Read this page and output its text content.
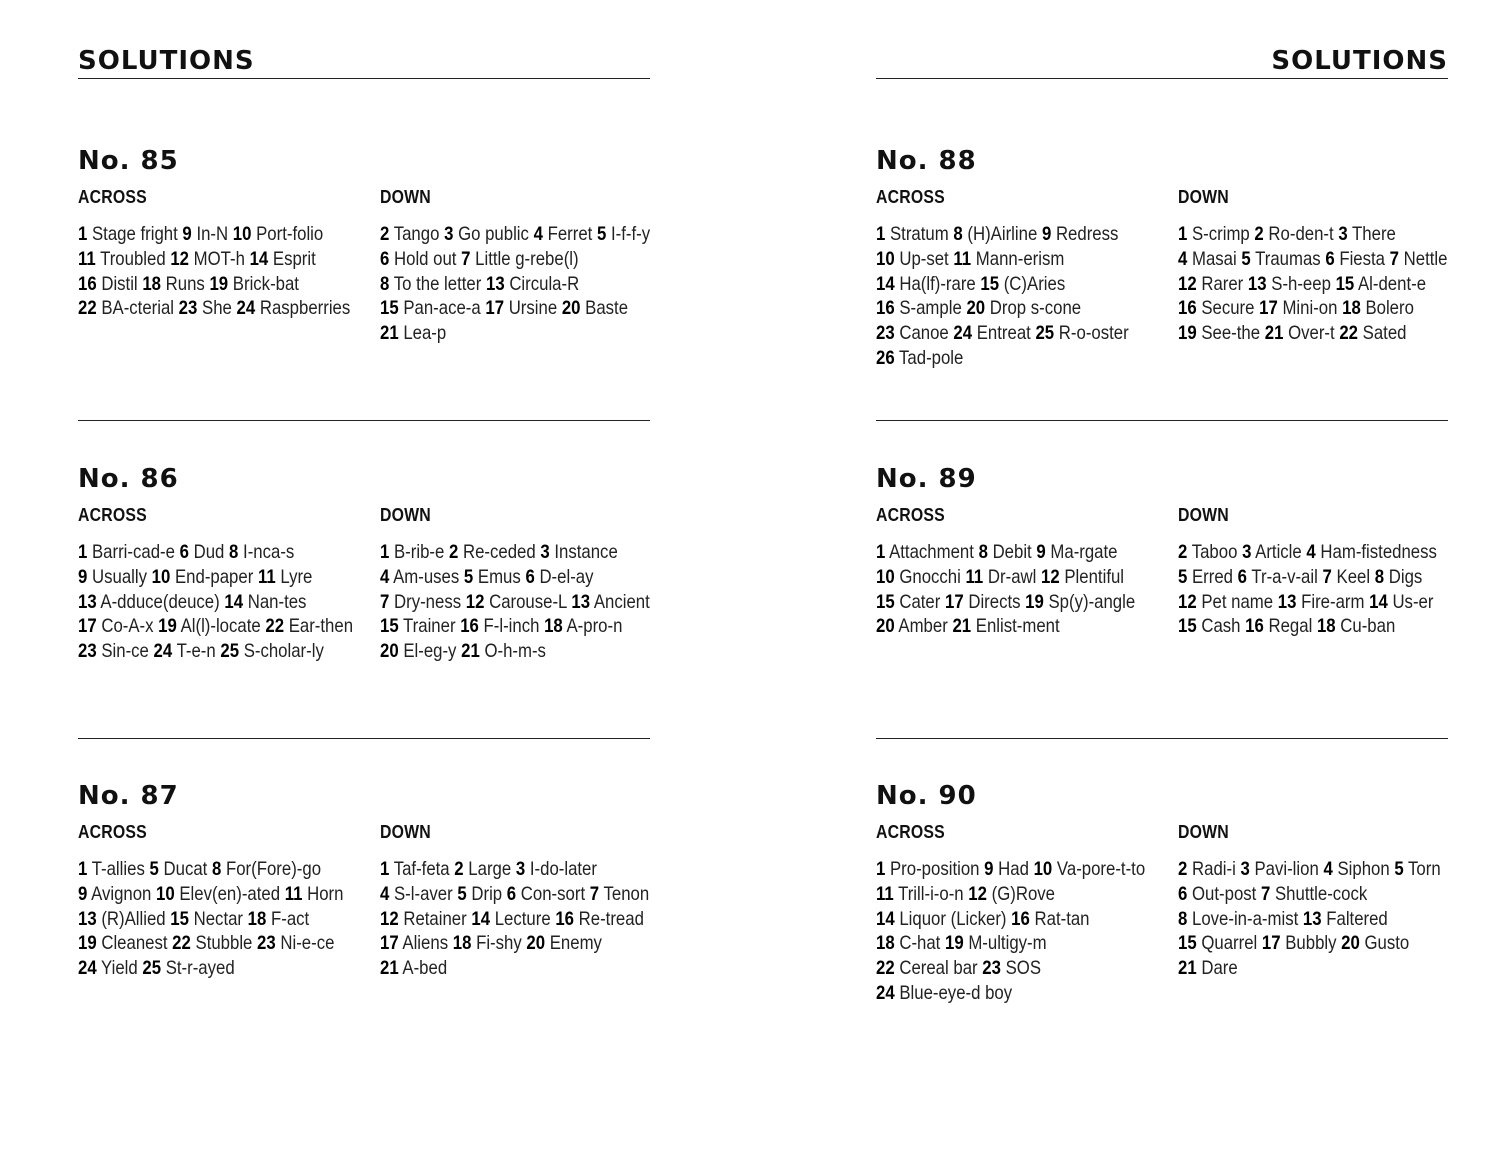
SOLUTIONS
No. 85
ACROSS
1 Stage fright 9 In-N 10 Port-folio
11 Troubled 12 MOT-h 14 Esprit
16 Distil 18 Runs 19 Brick-bat
22 BA-cterial 23 She 24 Raspberries
DOWN
2 Tango 3 Go public 4 Ferret 5 I-f-f-y
6 Hold out 7 Little g-rebe(l)
8 To the letter 13 Circula-R
15 Pan-ace-a 17 Ursine 20 Baste
21 Lea-p
No. 86
ACROSS
1 Barri-cad-e 6 Dud 8 I-nca-s
9 Usually 10 End-paper 11 Lyre
13 A-dduce(deuce) 14 Nan-tes
17 Co-A-x 19 Al(l)-locate 22 Ear-then
23 Sin-ce 24 T-e-n 25 S-cholar-ly
DOWN
1 B-rib-e 2 Re-ceded 3 Instance
4 Am-uses 5 Emus 6 D-el-ay
7 Dry-ness 12 Carouse-L 13 Ancient
15 Trainer 16 F-l-inch 18 A-pro-n
20 El-eg-y 21 O-h-m-s
No. 87
ACROSS
1 T-allies 5 Ducat 8 For(Fore)-go
9 Avignon 10 Elev(en)-ated 11 Horn
13 (R)Allied 15 Nectar 18 F-act
19 Cleanest 22 Stubble 23 Ni-e-ce
24 Yield 25 St-r-ayed
DOWN
1 Taf-feta 2 Large 3 I-do-later
4 S-l-aver 5 Drip 6 Con-sort 7 Tenon
12 Retainer 14 Lecture 16 Re-tread
17 Aliens 18 Fi-shy 20 Enemy
21 A-bed
SOLUTIONS
No. 88
ACROSS
1 Stratum 8 (H)Airline 9 Redress
10 Up-set 11 Mann-erism
14 Ha(lf)-rare 15 (C)Aries
16 S-ample 20 Drop s-cone
23 Canoe 24 Entreat 25 R-o-oster
26 Tad-pole
DOWN
1 S-crimp 2 Ro-den-t 3 There
4 Masai 5 Traumas 6 Fiesta 7 Nettle
12 Rarer 13 S-h-eep 15 Al-dent-e
16 Secure 17 Mini-on 18 Bolero
19 See-the 21 Over-t 22 Sated
No. 89
ACROSS
1 Attachment 8 Debit 9 Ma-rgate
10 Gnocchi 11 Dr-awl 12 Plentiful
15 Cater 17 Directs 19 Sp(y)-angle
20 Amber 21 Enlist-ment
DOWN
2 Taboo 3 Article 4 Ham-fistedness
5 Erred 6 Tr-a-v-ail 7 Keel 8 Digs
12 Pet name 13 Fire-arm 14 Us-er
15 Cash 16 Regal 18 Cu-ban
No. 90
ACROSS
1 Pro-position 9 Had 10 Va-pore-t-to
11 Trill-i-o-n 12 (G)Rove
14 Liquor (Licker) 16 Rat-tan
18 C-hat 19 M-ultigy-m
22 Cereal bar 23 SOS
24 Blue-eye-d boy
DOWN
2 Radi-i 3 Pavi-lion 4 Siphon 5 Torn
6 Out-post 7 Shuttle-cock
8 Love-in-a-mist 13 Faltered
15 Quarrel 17 Bubbly 20 Gusto
21 Dare
